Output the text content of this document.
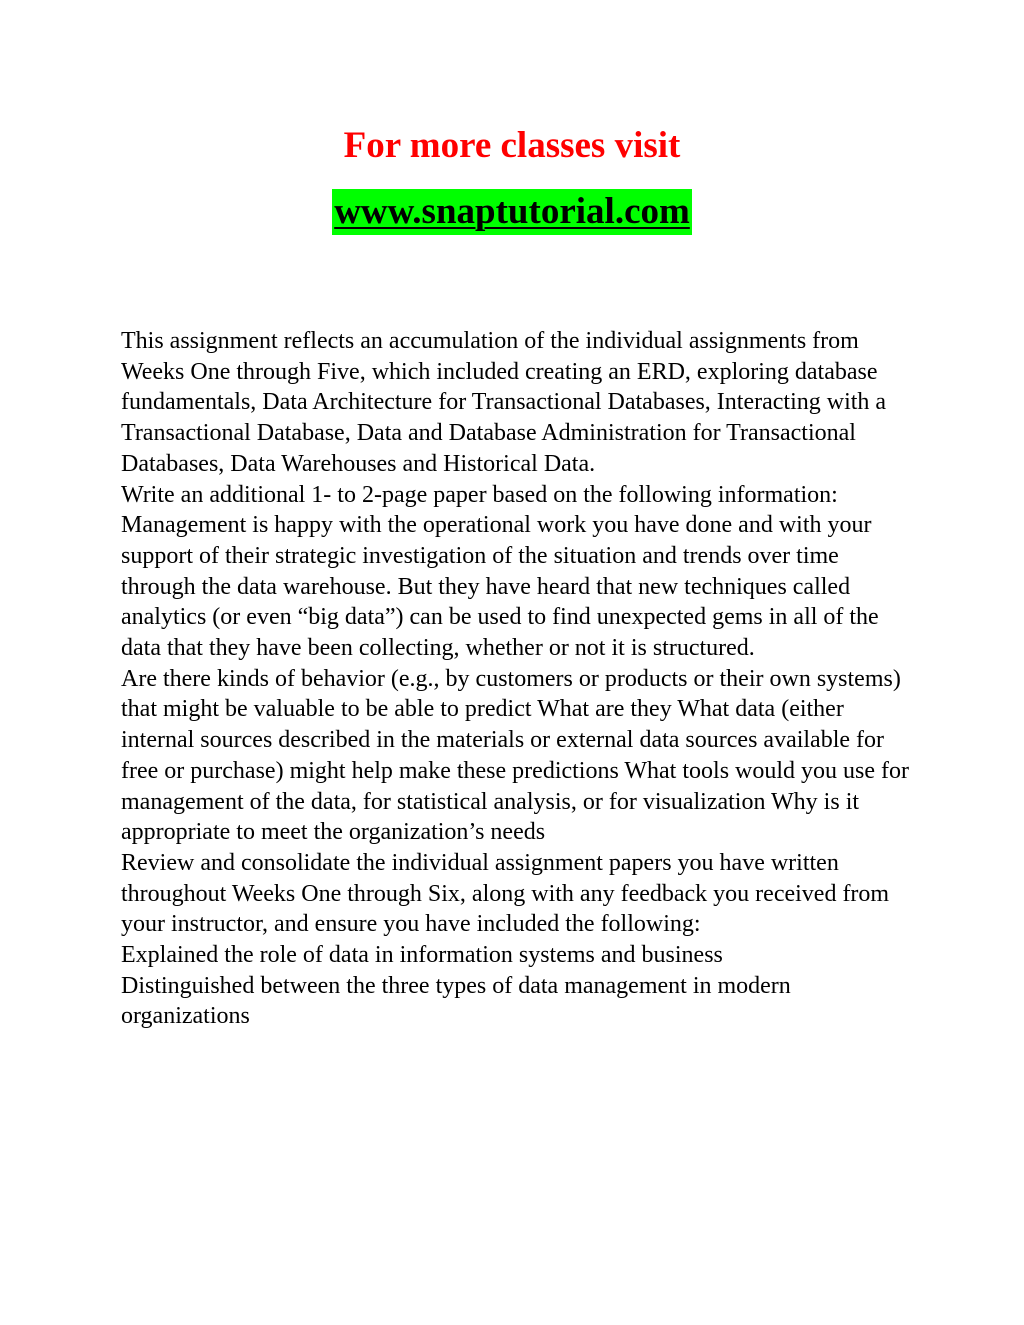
For more classes visit
www.snaptutorial.com

This assignment reflects an accumulation of the individual assignments from Weeks One through Five, which included creating an ERD, exploring database fundamentals, Data Architecture for Transactional Databases, Interacting with a Transactional Database, Data and Database Administration for Transactional Databases, Data Warehouses and Historical Data.

Write an additional 1- to 2-page paper based on the following information:

Management is happy with the operational work you have done and with your support of their strategic investigation of the situation and trends over time through the data warehouse. But they have heard that new techniques called analytics (or even “big data”) can be used to find unexpected gems in all of the data that they have been collecting, whether or not it is structured.

Are there kinds of behavior (e.g., by customers or products or their own systems) that might be valuable to be able to predict What are they What data (either internal sources described in the materials or external data sources available for free or purchase) might help make these predictions What tools would you use for management of the data, for statistical analysis, or for visualization Why is it appropriate to meet the organization’s needs

Review and consolidate the individual assignment papers you have written throughout Weeks One through Six, along with any feedback you received from your instructor, and ensure you have included the following:

Explained the role of data in information systems and business

Distinguished between the three types of data management in modern organizations
